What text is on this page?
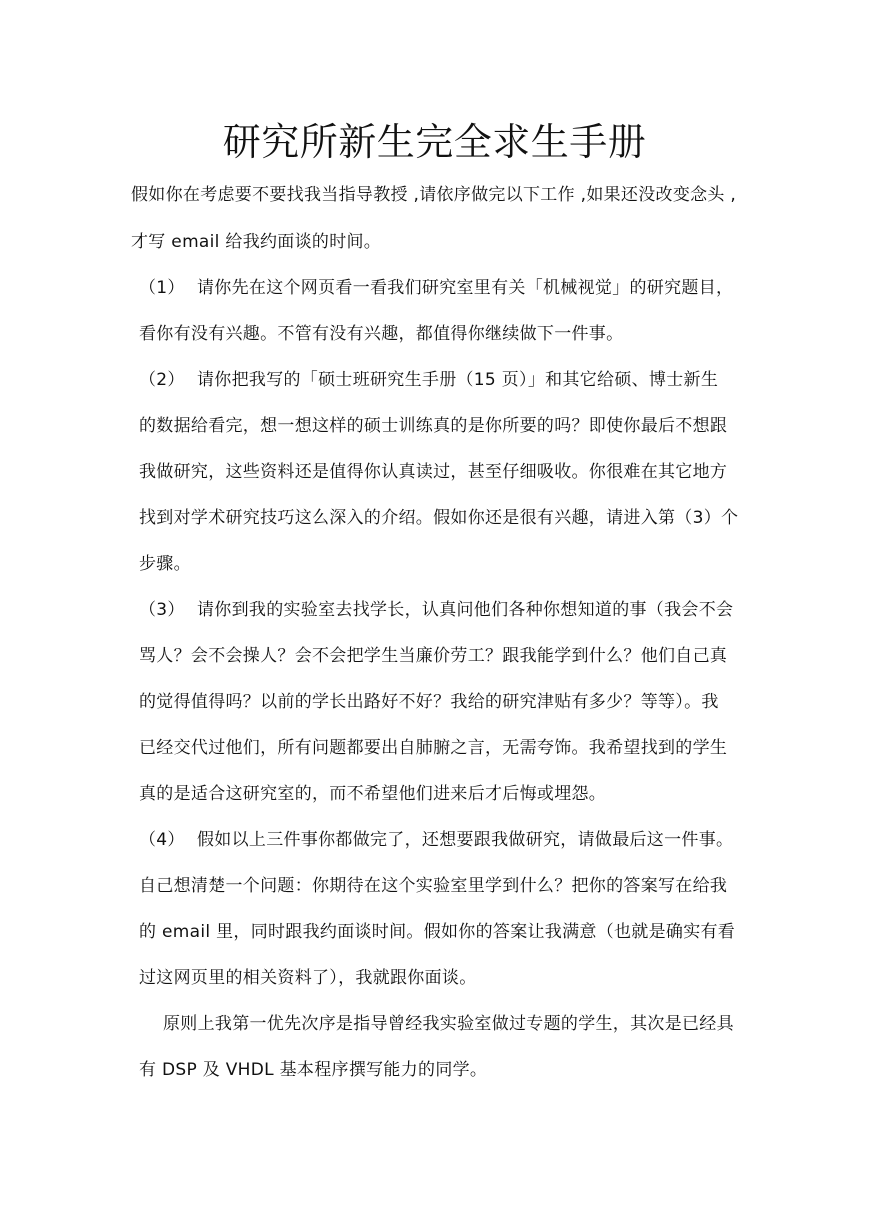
研究所新生完全求生手册
假如你在考虑要不要找我当指导教授 ,请依序做完以下工作 ,如果还没改变念头 ,
才写 email 给我约面谈的时间。
（1） 请你先在这个网页看一看我们研究室里有关「机械视觉」的研究题目，
看你有没有兴趣。不管有没有兴趣，都值得你继续做下一件事。
（2） 请你把我写的「硕士班研究生手册（15 页）」和其它给硕、博士新生
的数据给看完，想一想这样的硕士训练真的是你所要的吗？即使你最后不想跟
我做研究，这些资料还是值得你认真读过，甚至仔细吸收。你很难在其它地方
找到对学术研究技巧这么深入的介绍。假如你还是很有兴趣，请进入第（3）个
步骤。
（3） 请你到我的实验室去找学长，认真问他们各种你想知道的事（我会不会
骂人？会不会操人？会不会把学生当廉价劳工？跟我能学到什么？他们自己真
的觉得值得吗？以前的学长出路好不好？我给的研究津贴有多少？等等）。我
已经交代过他们，所有问题都要出自肺腑之言，无需夸饰。我希望找到的学生
真的是适合这研究室的，而不希望他们进来后才后悔或埋怨。
（4） 假如以上三件事你都做完了，还想要跟我做研究，请做最后这一件事。
自己想清楚一个问题：你期待在这个实验室里学到什么？把你的答案写在给我
的 email 里，同时跟我约面谈时间。假如你的答案让我满意（也就是确实有看
过这网页里的相关资料了），我就跟你面谈。
原则上我第一优先次序是指导曾经我实验室做过专题的学生，其次是已经具
有 DSP 及 VHDL 基本程序撰写能力的同学。
